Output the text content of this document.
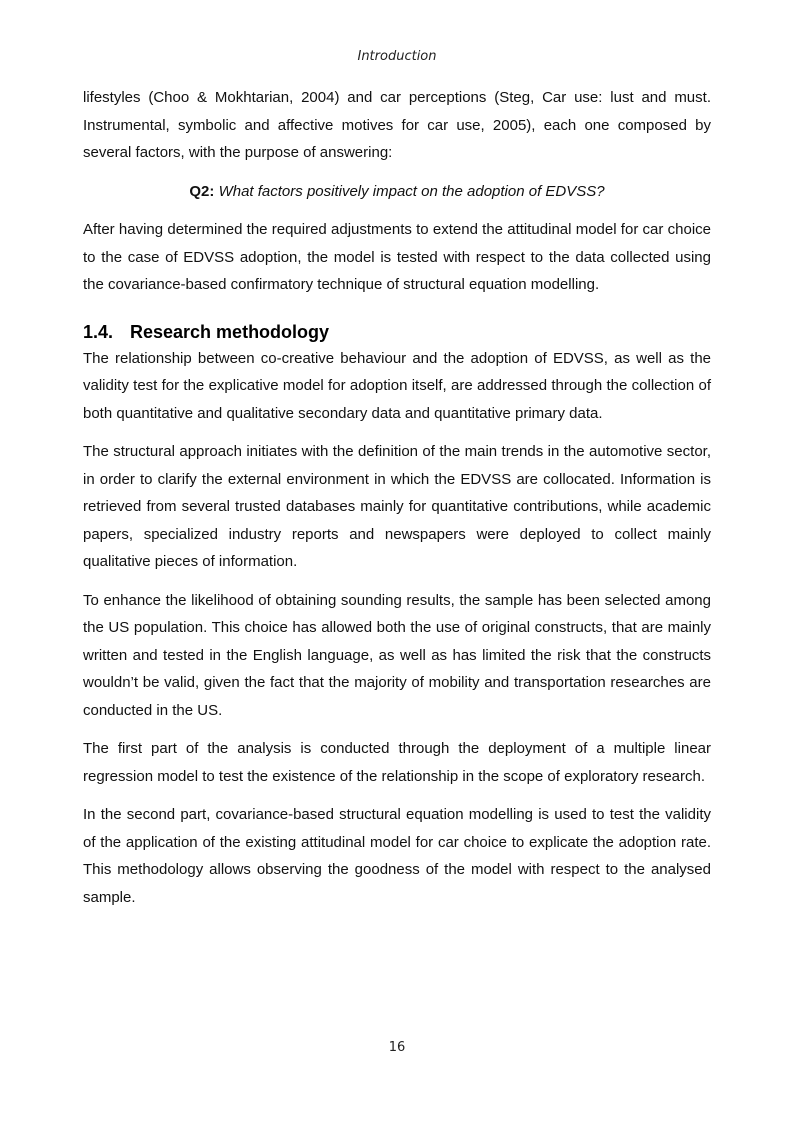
Introduction

lifestyles (Choo & Mokhtarian, 2004) and car perceptions (Steg, Car use: lust and must. Instrumental, symbolic and affective motives for car use, 2005), each one composed by several factors, with the purpose of answering:

Q2: What factors positively impact on the adoption of EDVSS?

After having determined the required adjustments to extend the attitudinal model for car choice to the case of EDVSS adoption, the model is tested with respect to the data collected using the covariance-based confirmatory technique of structural equation modelling.

1.4. Research methodology

The relationship between co-creative behaviour and the adoption of EDVSS, as well as the validity test for the explicative model for adoption itself, are addressed through the collection of both quantitative and qualitative secondary data and quantitative primary data.

The structural approach initiates with the definition of the main trends in the automotive sector, in order to clarify the external environment in which the EDVSS are collocated. Information is retrieved from several trusted databases mainly for quantitative contributions, while academic papers, specialized industry reports and newspapers were deployed to collect mainly qualitative pieces of information.

To enhance the likelihood of obtaining sounding results, the sample has been selected among the US population. This choice has allowed both the use of original constructs, that are mainly written and tested in the English language, as well as has limited the risk that the constructs wouldn’t be valid, given the fact that the majority of mobility and transportation researches are conducted in the US.

The first part of the analysis is conducted through the deployment of a multiple linear regression model to test the existence of the relationship in the scope of exploratory research.

In the second part, covariance-based structural equation modelling is used to test the validity of the application of the existing attitudinal model for car choice to explicate the adoption rate. This methodology allows observing the goodness of the model with respect to the analysed sample.

16
